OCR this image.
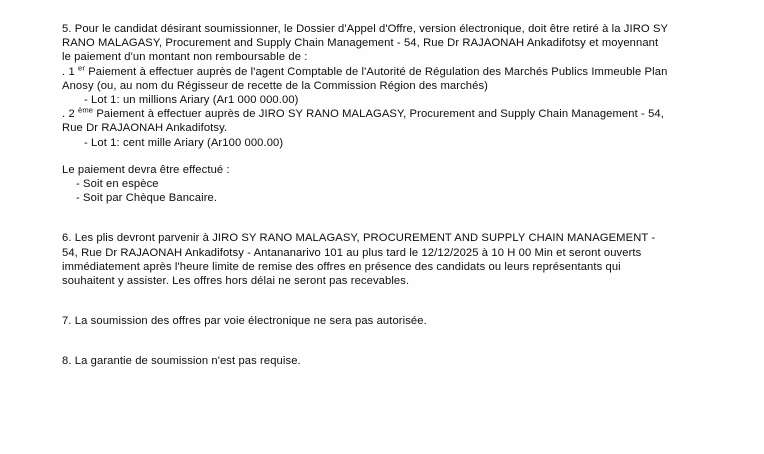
5. Pour le candidat désirant soumissionner, le Dossier d'Appel d'Offre, version électronique, doit être retiré à la JIRO SY

RANO MALAGASY, Procurement and Supply Chain Management - 54, Rue Dr RAJAONAH Ankadifotsy et moyennant

le paiement d'un montant non remboursable de :

. 1 $^{er}$ Paiement à effectuer auprès de l'agent Comptable de l'Autorité de Régulation des Marchés Publics Immeuble Plan

Anosy (ou, au nom du Régisseur de recette de la Commission Région des marchés)

- Lot 1: un millions Ariary (Ar1 000 000.00)

. 2 $^{ème}$ Paiement à effectuer auprès de JIRO SY RANO MALAGASY, Procurement and Supply Chain Management - 54,

Rue Dr RAJAONAH Ankadifotsy.

- Lot 1: cent mille Ariary (Ar100 000.00)

Le paiement devra être effectué :

- Soit en espèce

- Soit par Chèque Bancaire.

6. Les plis devront parvenir à JIRO SY RANO MALAGASY, PROCUREMENT AND SUPPLY CHAIN MANAGEMENT -

54, Rue Dr RAJAONAH Ankadifotsy - Antananarivo 101 au plus tard le 12/12/2025 à 10 H 00 Min et seront ouverts

immédiatement après l'heure limite de remise des offres en présence des candidats ou leurs représentants qui

souhaitent y assister. Les offres hors délai ne seront pas recevables.

7. La soumission des offres par voie électronique ne sera pas autorisée.

8. La garantie de soumission n'est pas requise.
